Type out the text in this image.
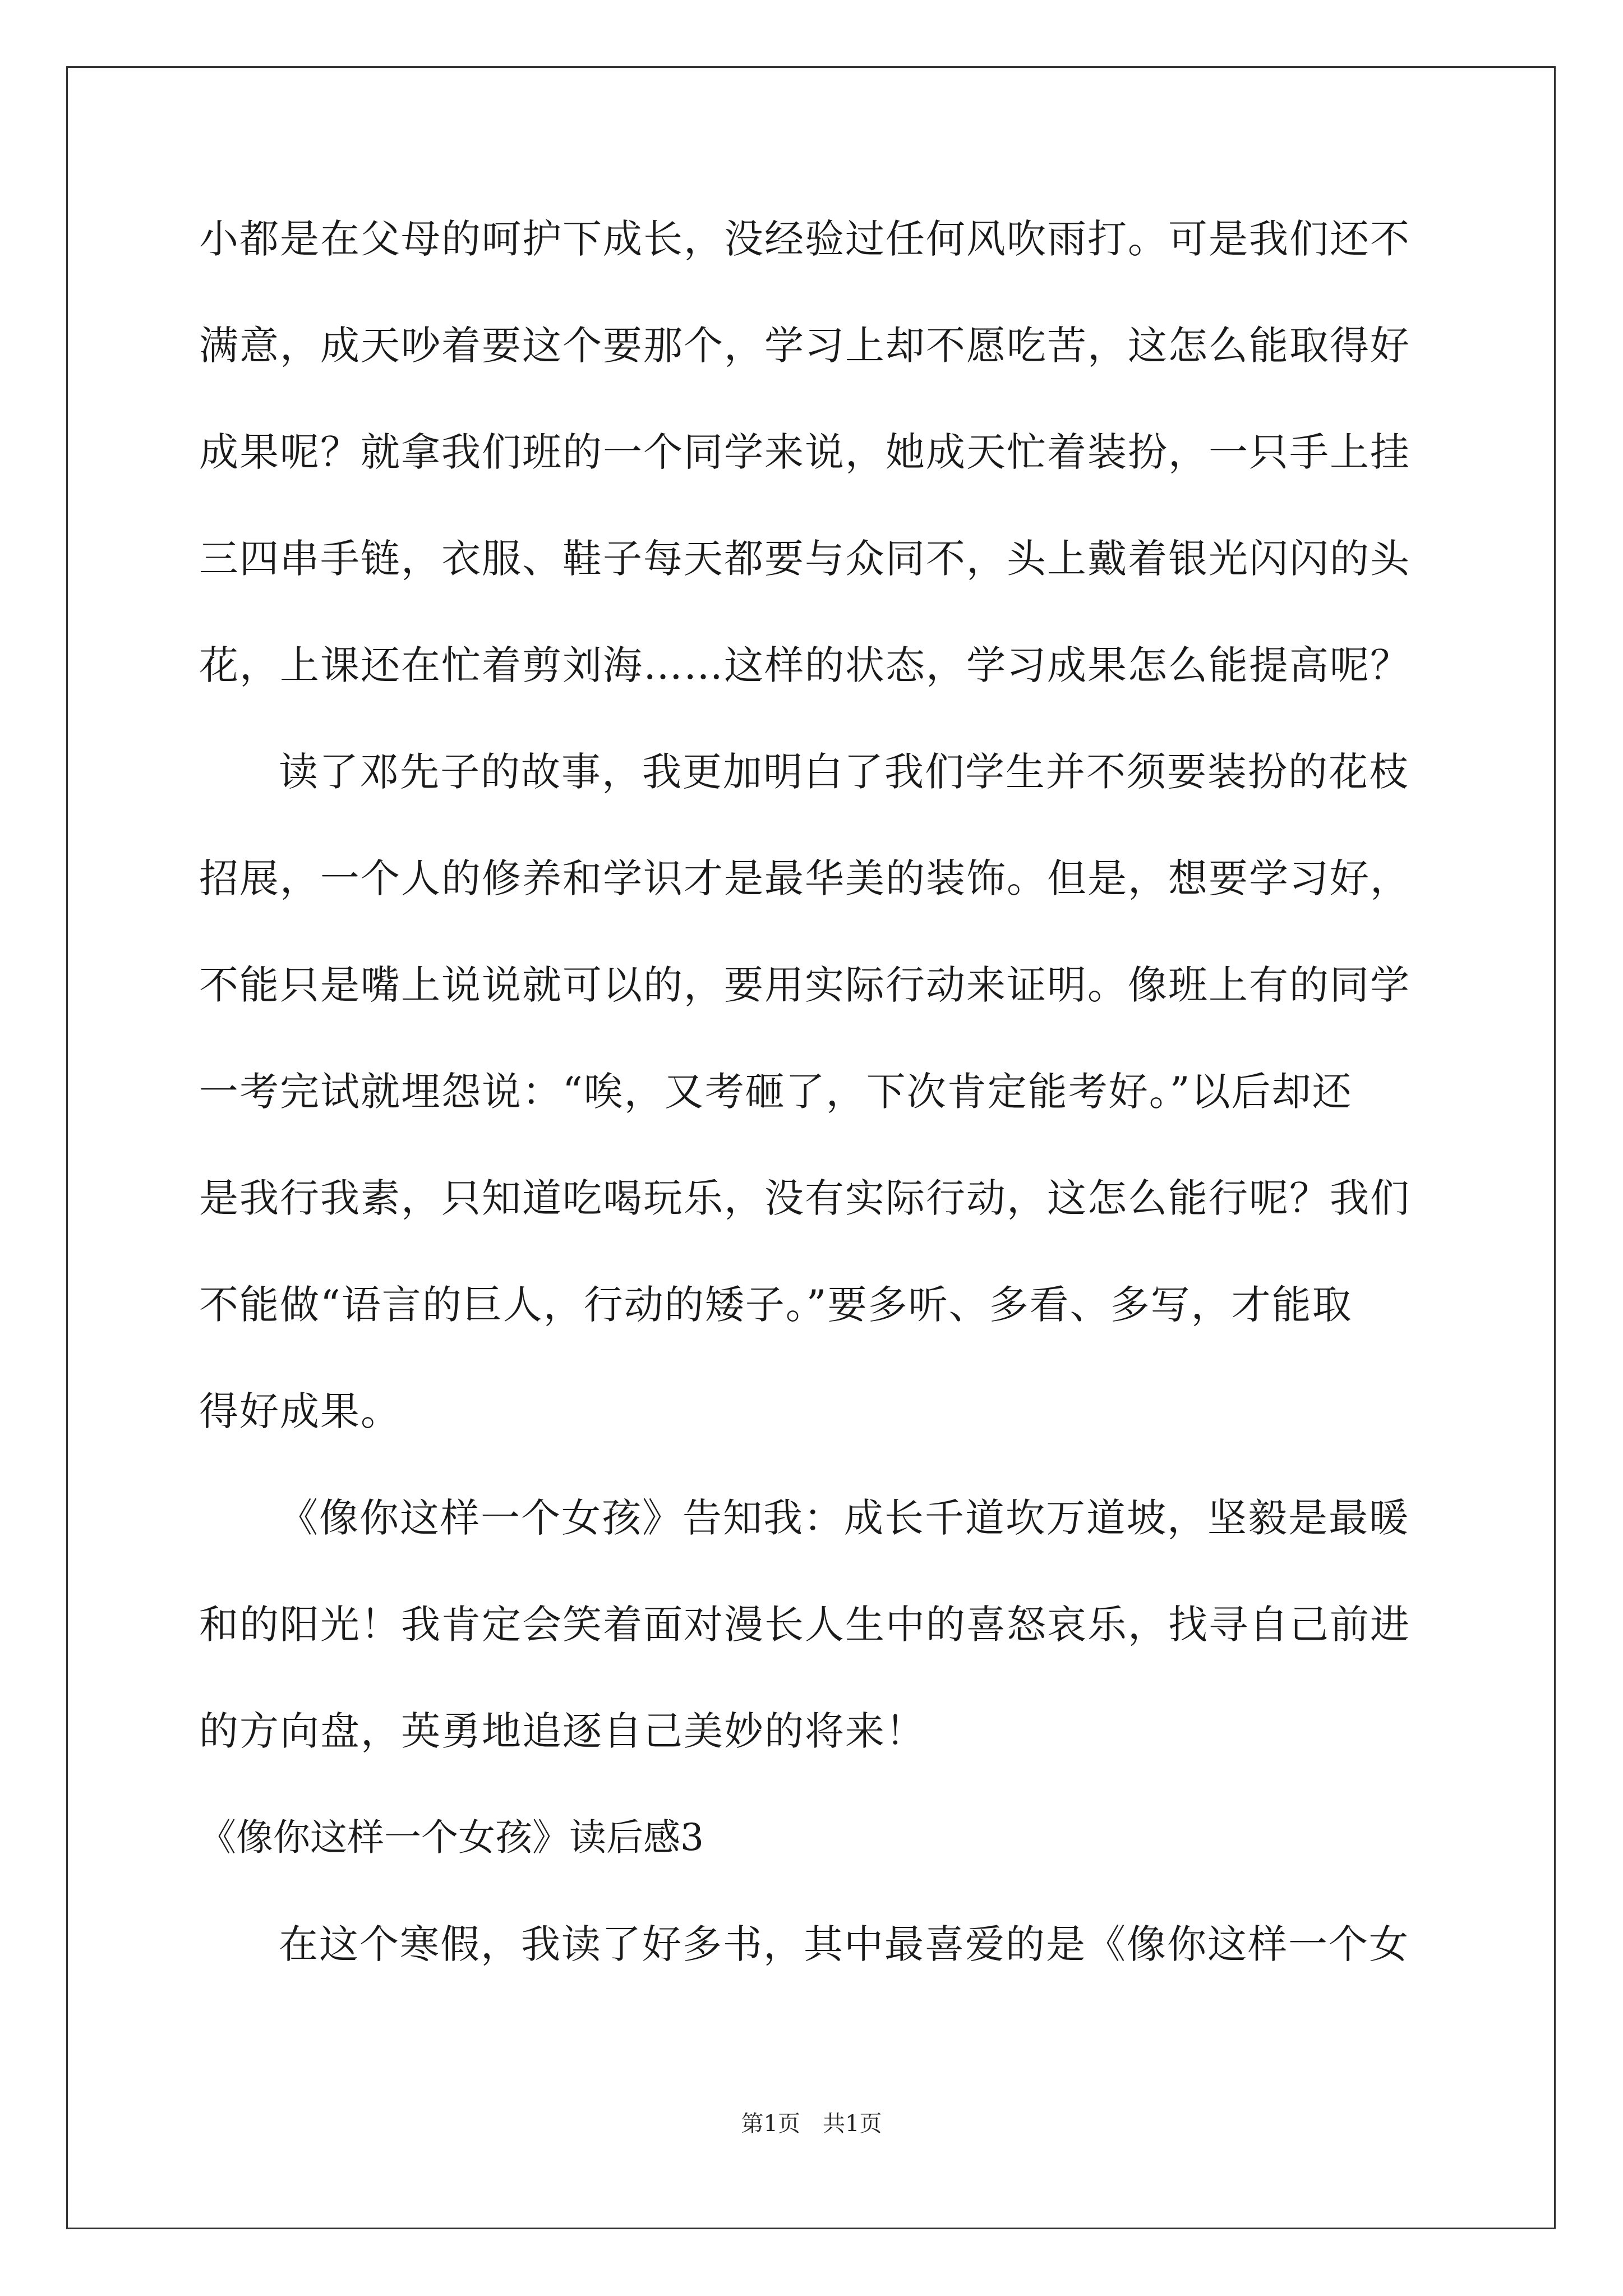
小都是在父母的呵护下成长，没经验过任何风吹雨打。可是我们还不
满意，成天吵着要这个要那个，学习上却不愿吃苦，这怎么能取得好
成果呢？就拿我们班的一个同学来说，她成天忙着装扮，一只手上挂
三四串手链，衣服、鞋子每天都要与众同不，头上戴着银光闪闪的头
花，上课还在忙着剪刘海……这样的状态，学习成果怎么能提高呢？
读了邓先子的故事，我更加明白了我们学生并不须要装扮的花枝
招展，一个人的修养和学识才是最华美的装饰。但是，想要学习好，
不能只是嘴上说说就可以的，要用实际行动来证明。像班上有的同学
一考完试就埋怨说：“唉，又考砸了，下次肯定能考好。”以后却还
是我行我素，只知道吃喝玩乐，没有实际行动，这怎么能行呢？我们
不能做“语言的巨人，行动的矮子。”要多听、多看、多写，才能取
得好成果。
《像你这样一个女孩》告知我：成长千道坎万道坡，坚毅是最暖
和的阳光！我肯定会笑着面对漫长人生中的喜怒哀乐，找寻自己前进
的方向盘，英勇地追逐自己美妙的将来！
《像你这样一个女孩》读后感3
在这个寒假，我读了好多书，其中最喜爱的是《像你这样一个女
第1页　共1页
